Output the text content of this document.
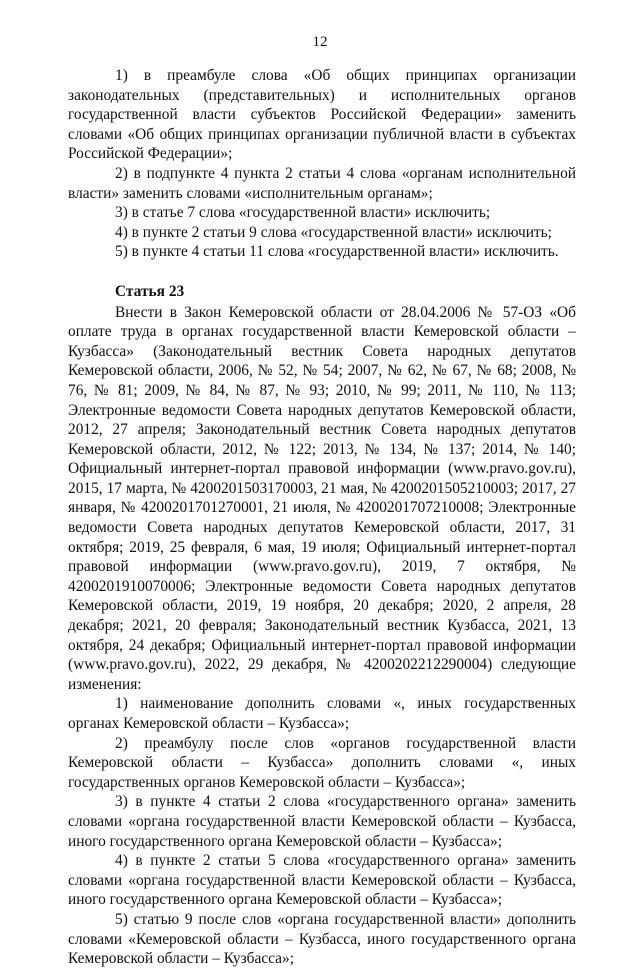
12

1) в преамбуле слова «Об общих принципах организации законодательных (представительных) и исполнительных органов государственной власти субъектов Российской Федерации» заменить словами «Об общих принципах организации публичной власти в субъектах Российской Федерации»;

2) в подпункте 4 пункта 2 статьи 4 слова «органам исполнительной власти» заменить словами «исполнительным органам»;

3) в статье 7 слова «государственной власти» исключить;

4) в пункте 2 статьи 9 слова «государственной власти» исключить;

5) в пункте 4 статьи 11 слова «государственной власти» исключить.

Статья 23

Внести в Закон Кемеровской области от 28.04.2006 № 57-ОЗ «Об оплате труда в органах государственной власти Кемеровской области – Кузбасса» (Законодательный вестник Совета народных депутатов Кемеровской области, 2006, № 52, № 54; 2007, № 62, № 67, № 68; 2008, № 76, № 81; 2009, № 84, № 87, № 93; 2010, № 99; 2011, № 110, № 113; Электронные ведомости Совета народных депутатов Кемеровской области, 2012, 27 апреля; Законодательный вестник Совета народных депутатов Кемеровской области, 2012, № 122; 2013, № 134, № 137; 2014, № 140; Официальный интернет-портал правовой информации (www.pravo.gov.ru), 2015, 17 марта, № 4200201503170003, 21 мая, № 4200201505210003; 2017, 27 января, № 4200201701270001, 21 июля, № 4200201707210008; Электронные ведомости Совета народных депутатов Кемеровской области, 2017, 31 октября; 2019, 25 февраля, 6 мая, 19 июля; Официальный интернет-портал правовой информации (www.pravo.gov.ru), 2019, 7 октября, № 4200201910070006; Электронные ведомости Совета народных депутатов Кемеровской области, 2019, 19 ноября, 20 декабря; 2020, 2 апреля, 28 декабря; 2021, 20 февраля; Законодательный вестник Кузбасса, 2021, 13 октября, 24 декабря; Официальный интернет-портал правовой информации (www.pravo.gov.ru), 2022, 29 декабря, № 4200202212290004) следующие изменения:

1) наименование дополнить словами «, иных государственных органах Кемеровской области – Кузбасса»;

2) преамбулу после слов «органов государственной власти Кемеровской области – Кузбасса» дополнить словами «, иных государственных органов Кемеровской области – Кузбасса»;

3) в пункте 4 статьи 2 слова «государственного органа» заменить словами «органа государственной власти Кемеровской области – Кузбасса, иного государственного органа Кемеровской области – Кузбасса»;

4) в пункте 2 статьи 5 слова «государственного органа» заменить словами «органа государственной власти Кемеровской области – Кузбасса, иного государственного органа Кемеровской области – Кузбасса»;

5) статью 9 после слов «органа государственной власти» дополнить словами «Кемеровской области – Кузбасса, иного государственного органа Кемеровской области – Кузбасса»;
